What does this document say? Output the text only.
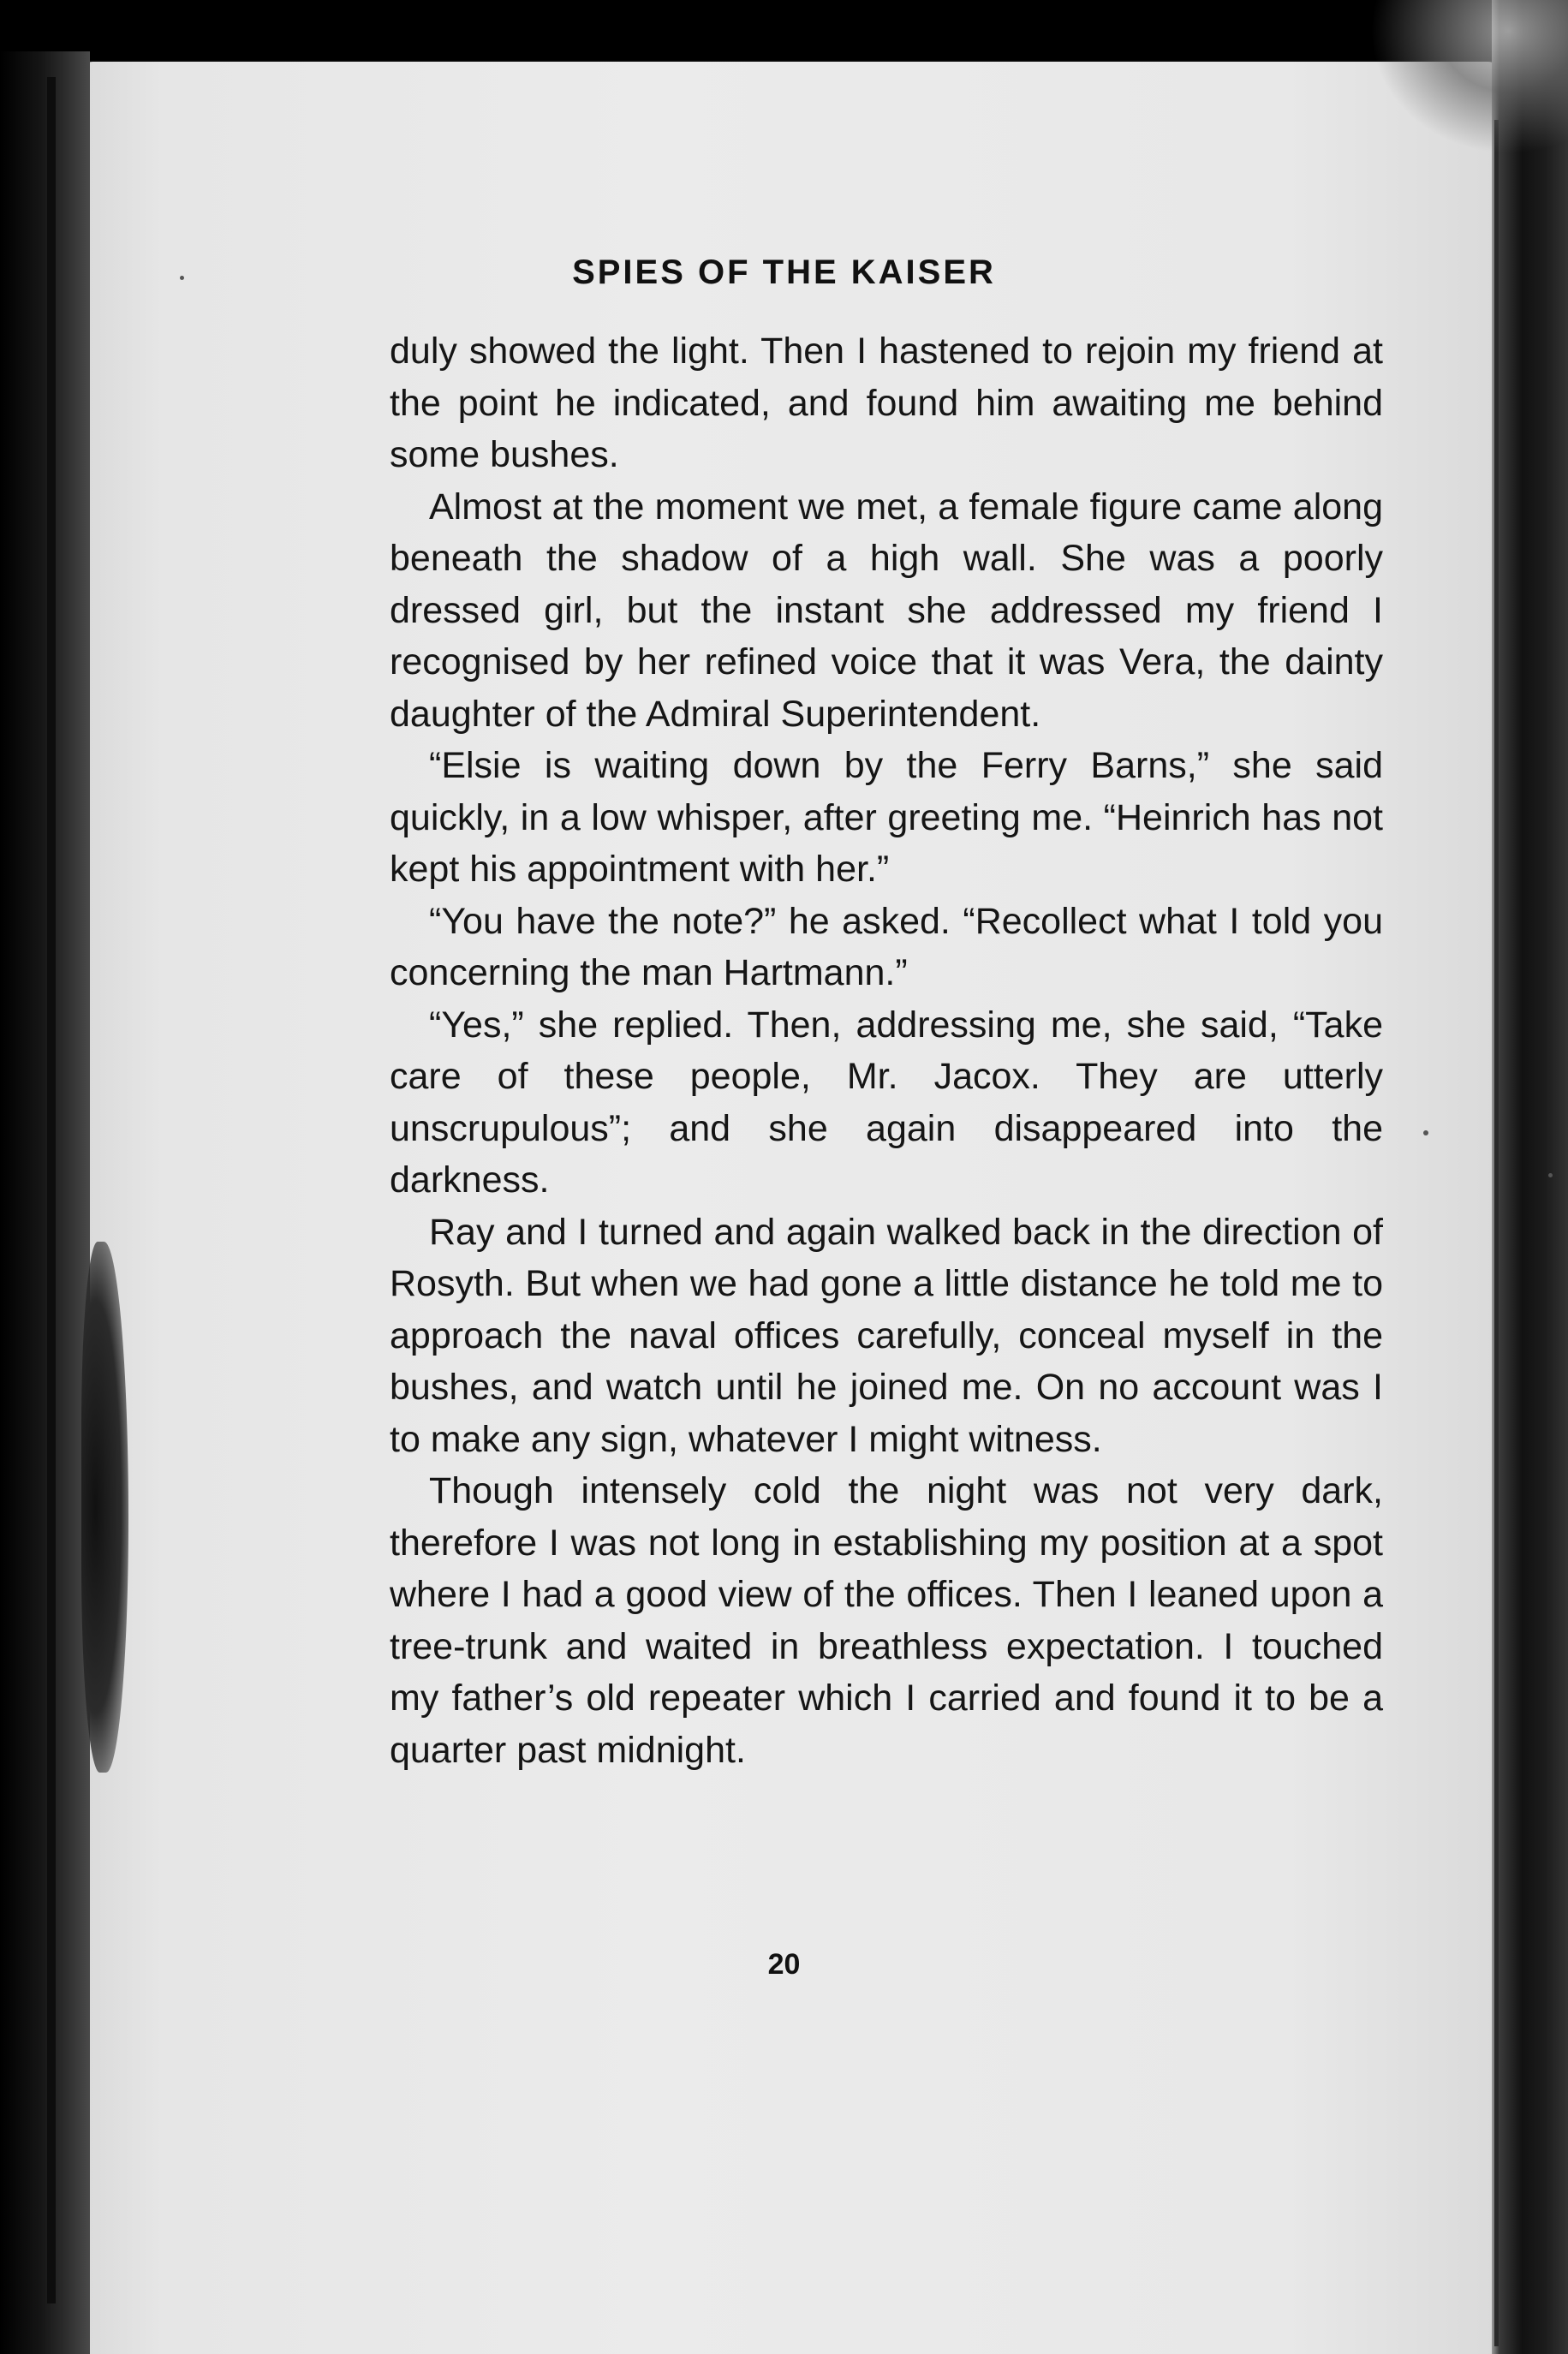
SPIES OF THE KAISER

duly showed the light. Then I hastened to rejoin my friend at the point he indicated, and found him awaiting me behind some bushes.

Almost at the moment we met, a female figure came along beneath the shadow of a high wall. She was a poorly dressed girl, but the instant she addressed my friend I recognised by her refined voice that it was Vera, the dainty daughter of the Admiral Superintendent.

“Elsie is waiting down by the Ferry Barns,” she said quickly, in a low whisper, after greeting me. “Heinrich has not kept his appointment with her.”

“You have the note?” he asked. “Recollect what I told you concerning the man Hartmann.”

“Yes,” she replied. Then, addressing me, she said, “Take care of these people, Mr. Jacox. They are utterly unscrupulous”; and she again disappeared into the darkness.

Ray and I turned and again walked back in the direction of Rosyth. But when we had gone a little distance he told me to approach the naval offices carefully, conceal myself in the bushes, and watch until he joined me. On no account was I to make any sign, whatever I might witness.

Though intensely cold the night was not very dark, therefore I was not long in establishing my position at a spot where I had a good view of the offices. Then I leaned upon a tree-trunk and waited in breathless expectation. I touched my father’s old repeater which I carried and found it to be a quarter past midnight.

20
